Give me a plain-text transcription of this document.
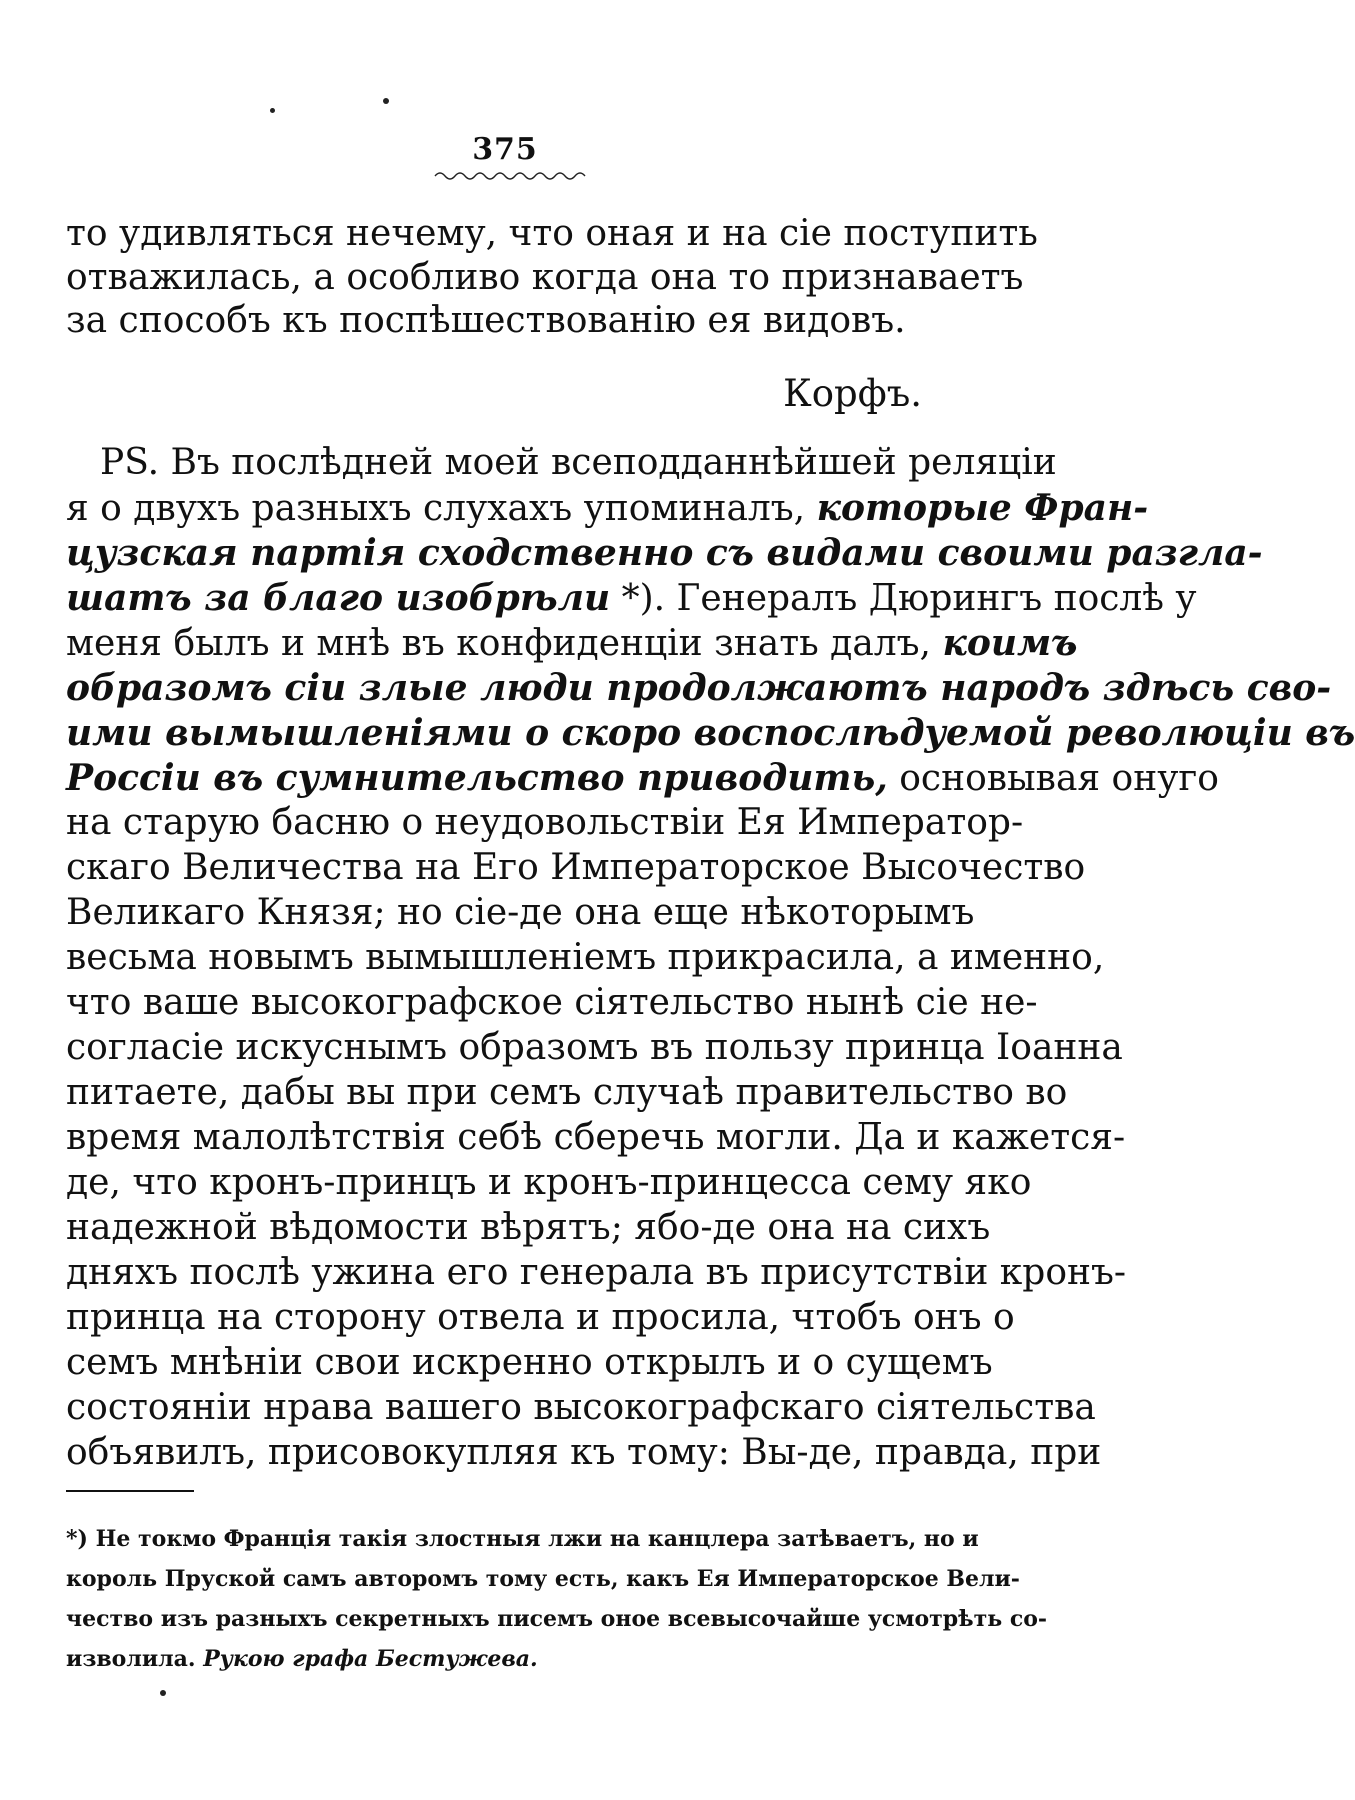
375
то удивляться нечему, что оная и на сіе поступить
отважилась, а особливо когда она то признаваетъ
за способъ къ поспѣшествованію ея видовъ.
Корфъ.
PS. Въ послѣдней моей всеподданнѣйшей реляціи
я о двухъ разныхъ слухахъ упоминалъ, которые Фран-
цузская партія сходственно съ видами своими разгла-
шатъ за благо изобрѣли *). Генералъ Дюрингъ послѣ у
меня былъ и мнѣ въ конфиденціи знать далъ, коимъ
образомъ сіи злые люди продолжаютъ народъ здѣсь сво-
ими вымышленіями о скоро воспослѣдуемой революціи въ
Россіи въ сумнительство приводить, основывая онуго
на старую басню о неудовольствіи Ея Император-
скаго Величества на Его Императорское Высочество
Великаго Князя; но сіе-де она еще нѣкоторымъ
весьма новымъ вымышленіемъ прикрасила, а именно,
что ваше высокографское сіятельство нынѣ сіе не-
согласіе искуснымъ образомъ въ пользу принца Іоанна
питаете, дабы вы при семъ случаѣ правительство во
время малолѣтствія себѣ сберечь могли. Да и кажется-
де, что кронъ-принцъ и кронъ-принцесса сему яко
надежной вѣдомости вѣрятъ; ябо-де она на сихъ
дняхъ послѣ ужина его генерала въ присутствіи кронъ-
принца на сторону отвела и просила, чтобъ онъ о
семъ мнѣніи свои искренно открылъ и о сущемъ
состояніи нрава вашего высокографскаго сіятельства
объявилъ, присовокупляя къ тому: Вы-де, правда, при
*) Не токмо Франція такія злостныя лжи на канцлера затѣваетъ, но и
король Пруской самъ авторомъ тому есть, какъ Ея Императорское Вели-
чество изъ разныхъ секретныхъ писемъ оное всевысочайше усмотрѣть со-
изволила. Рукою графа Бестужева.
